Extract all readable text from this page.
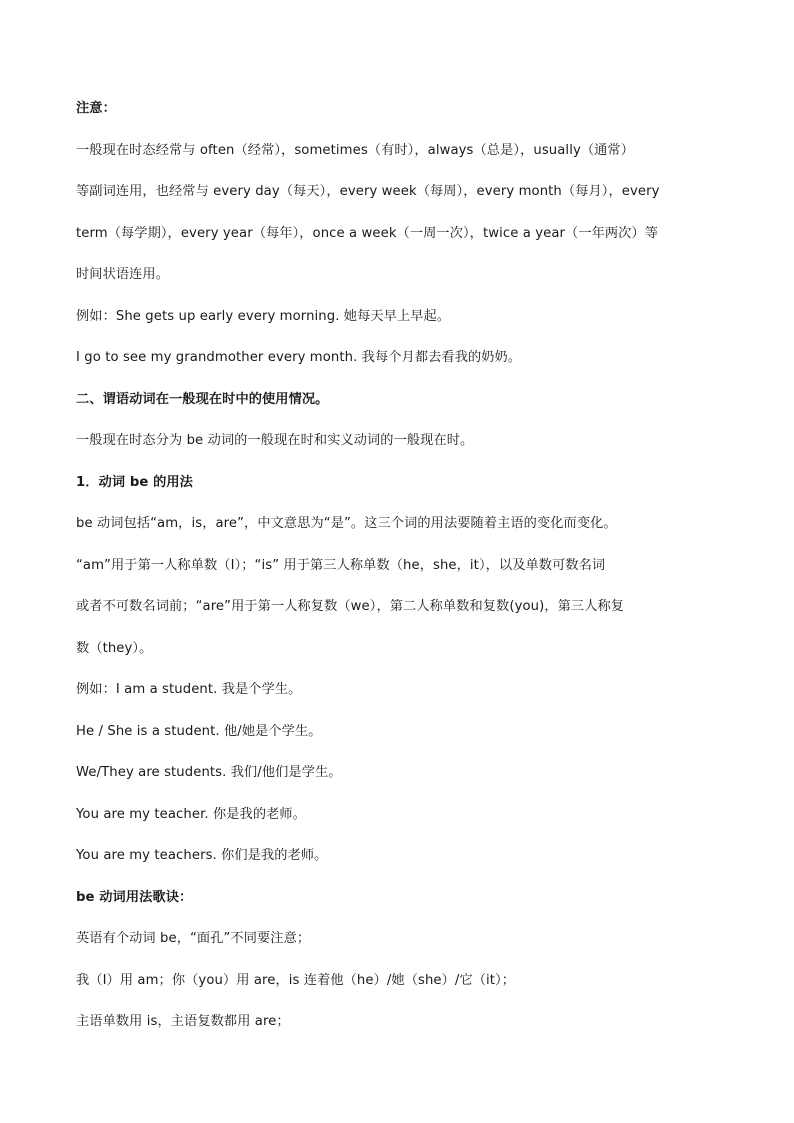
注意：
一般现在时态经常与 often（经常），sometimes（有时），always（总是），usually（通常）
等副词连用，也经常与 every day（每天），every week（每周），every month（每月），every
term（每学期），every year（每年），once a week（一周一次），twice a year（一年两次）等
时间状语连用。
例如：She gets up early every morning. 她每天早上早起。
I go to see my grandmother every month. 我每个月都去看我的奶奶。
二、谓语动词在一般现在时中的使用情况。
一般现在时态分为 be 动词的一般现在时和实义动词的一般现在时。
1．动词 be 的用法
be 动词包括“am，is，are”，中文意思为“是”。这三个词的用法要随着主语的变化而变化。
“am”用于第一人称单数（I）；“is” 用于第三人称单数（he，she，it），以及单数可数名词
或者不可数名词前；“are”用于第一人称复数（we），第二人称单数和复数(you)，第三人称复
数（they）。
例如：I am a student. 我是个学生。
He / She is a student. 他/她是个学生。
We/They are students. 我们/他们是学生。
You are my teacher. 你是我的老师。
You are my teachers. 你们是我的老师。
be 动词用法歌诀：
英语有个动词 be，“面孔”不同要注意；
我（I）用 am；你（you）用 are，is 连着他（he）/她（she）/它（it）；
主语单数用 is，主语复数都用 are；
